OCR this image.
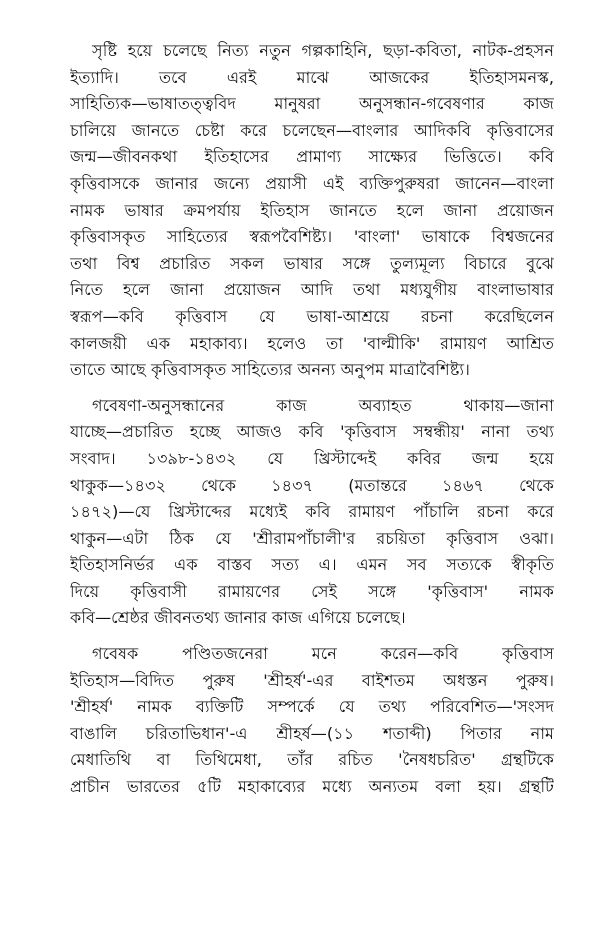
সৃষ্টি হয়ে চলেছে নিত্য নতুন গল্পকাহিনি, ছড়া-কবিতা, নাটক-প্রহসন
ইত্যাদি। তবে এরই মাঝে আজকের ইতিহাসমনস্ক,
সাহিত্যিক—ভাষাতত্ত্ববিদ মানুষরা অনুসন্ধান-গবেষণার কাজ
চালিয়ে জানতে চেষ্টা করে চলেছেন—বাংলার আদিকবি কৃত্তিবাসের
জন্ম—জীবনকথা ইতিহাসের প্রামাণ্য সাক্ষ্যের ভিত্তিতে। কবি
কৃত্তিবাসকে জানার জন্যে প্রয়াসী এই ব্যক্তিপুরুষরা জানেন—বাংলা
নামক ভাষার ক্রমপর্যায় ইতিহাস জানতে হলে জানা প্রয়োজন
কৃত্তিবাসকৃত সাহিত্যের স্বরূপবৈশিষ্ট্য। 'বাংলা' ভাষাকে বিশ্বজনের
তথা বিশ্ব প্রচারিত সকল ভাষার সঙ্গে তুল্যমূল্য বিচারে বুঝে
নিতে হলে জানা প্রয়োজন আদি তথা মধ্যযুগীয় বাংলাভাষার
স্বরূপ—কবি কৃত্তিবাস যে ভাষা-আশ্রয়ে রচনা করেছিলেন
কালজয়ী এক মহাকাব্য। হলেও তা 'বাল্মীকি' রামায়ণ আশ্রিত
তাতে আছে কৃত্তিবাসকৃত সাহিত্যের অনন্য অনুপম মাত্রাবৈশিষ্ট্য।
গবেষণা-অনুসন্ধানের কাজ অব্যাহত থাকায়—জানা
যাচ্ছে—প্রচারিত হচ্ছে আজও কবি 'কৃত্তিবাস সম্বন্ধীয়' নানা তথ্য
সংবাদ। ১৩৯৮-১৪৩২ যে খ্রিস্টাব্দেই কবির জন্ম হয়ে
থাকুক—১৪৩২ থেকে ১৪৩৭ (মতান্তরে ১৪৬৭ থেকে
১৪৭২)—যে খ্রিস্টাব্দের মধ্যেই কবি রামায়ণ পাঁচালি রচনা করে
থাকুন—এটা ঠিক যে 'শ্রীরামপাঁচালী'র রচয়িতা কৃত্তিবাস ওঝা।
ইতিহাসনির্ভর এক বাস্তব সত্য এ। এমন সব সত্যকে স্বীকৃতি
দিয়ে কৃত্তিবাসী রামায়ণের সেই সঙ্গে 'কৃত্তিবাস' নামক
কবি—শ্রেষ্ঠর জীবনতথ্য জানার কাজ এগিয়ে চলেছে।
গবেষক পণ্ডিতজনেরা মনে করেন—কবি কৃত্তিবাস
ইতিহাস—বিদিত পুরুষ 'শ্রীহর্ষ'-এর বাইশতম অধস্তন পুরুষ।
'শ্রীহর্ষ' নামক ব্যক্তিটি সম্পর্কে যে তথ্য পরিবেশিত—'সংসদ
বাঙালি চরিতাভিধান'-এ শ্রীহর্ষ—(১১ শতাব্দী) পিতার নাম
মেধাতিথি বা তিথিমেধা, তাঁর রচিত 'নৈষধচরিত' গ্রন্থটিকে
প্রাচীন ভারতের ৫টি মহাকাব্যের মধ্যে অন্যতম বলা হয়। গ্রন্থটি
